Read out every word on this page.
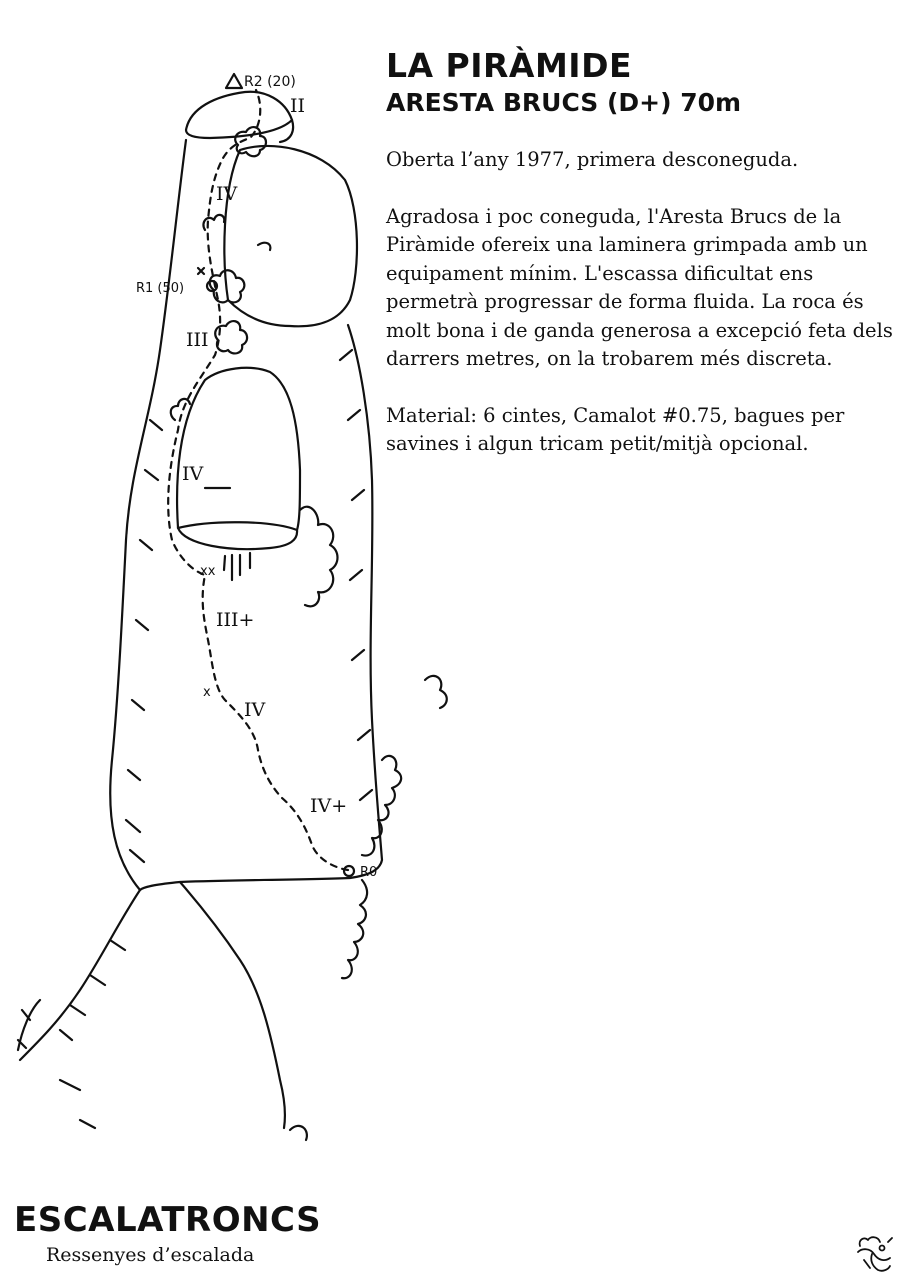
R2 (20)
R1 (50)
R0
II
IV
III
IV
III+
IV
IV+
xx
x
LA PIRÀMIDE
ARESTA BRUCS (D+) 70m

Oberta l’any 1977, primera desconeguda.

Agradosa i poc coneguda, l'Aresta Brucs de la Piràmide ofereix una laminera grimpada amb un equipament mínim. L'escassa dificultat ens permetrà progressar de forma fluida. La roca és molt bona i de ganda generosa a excepció feta dels darrers metres, on la trobarem més discreta.

Material: 6 cintes, Camalot #0.75, bagues per savines i algun tricam petit/mitjà opcional.

ESCALATRONCS
Ressenyes d’escalada
